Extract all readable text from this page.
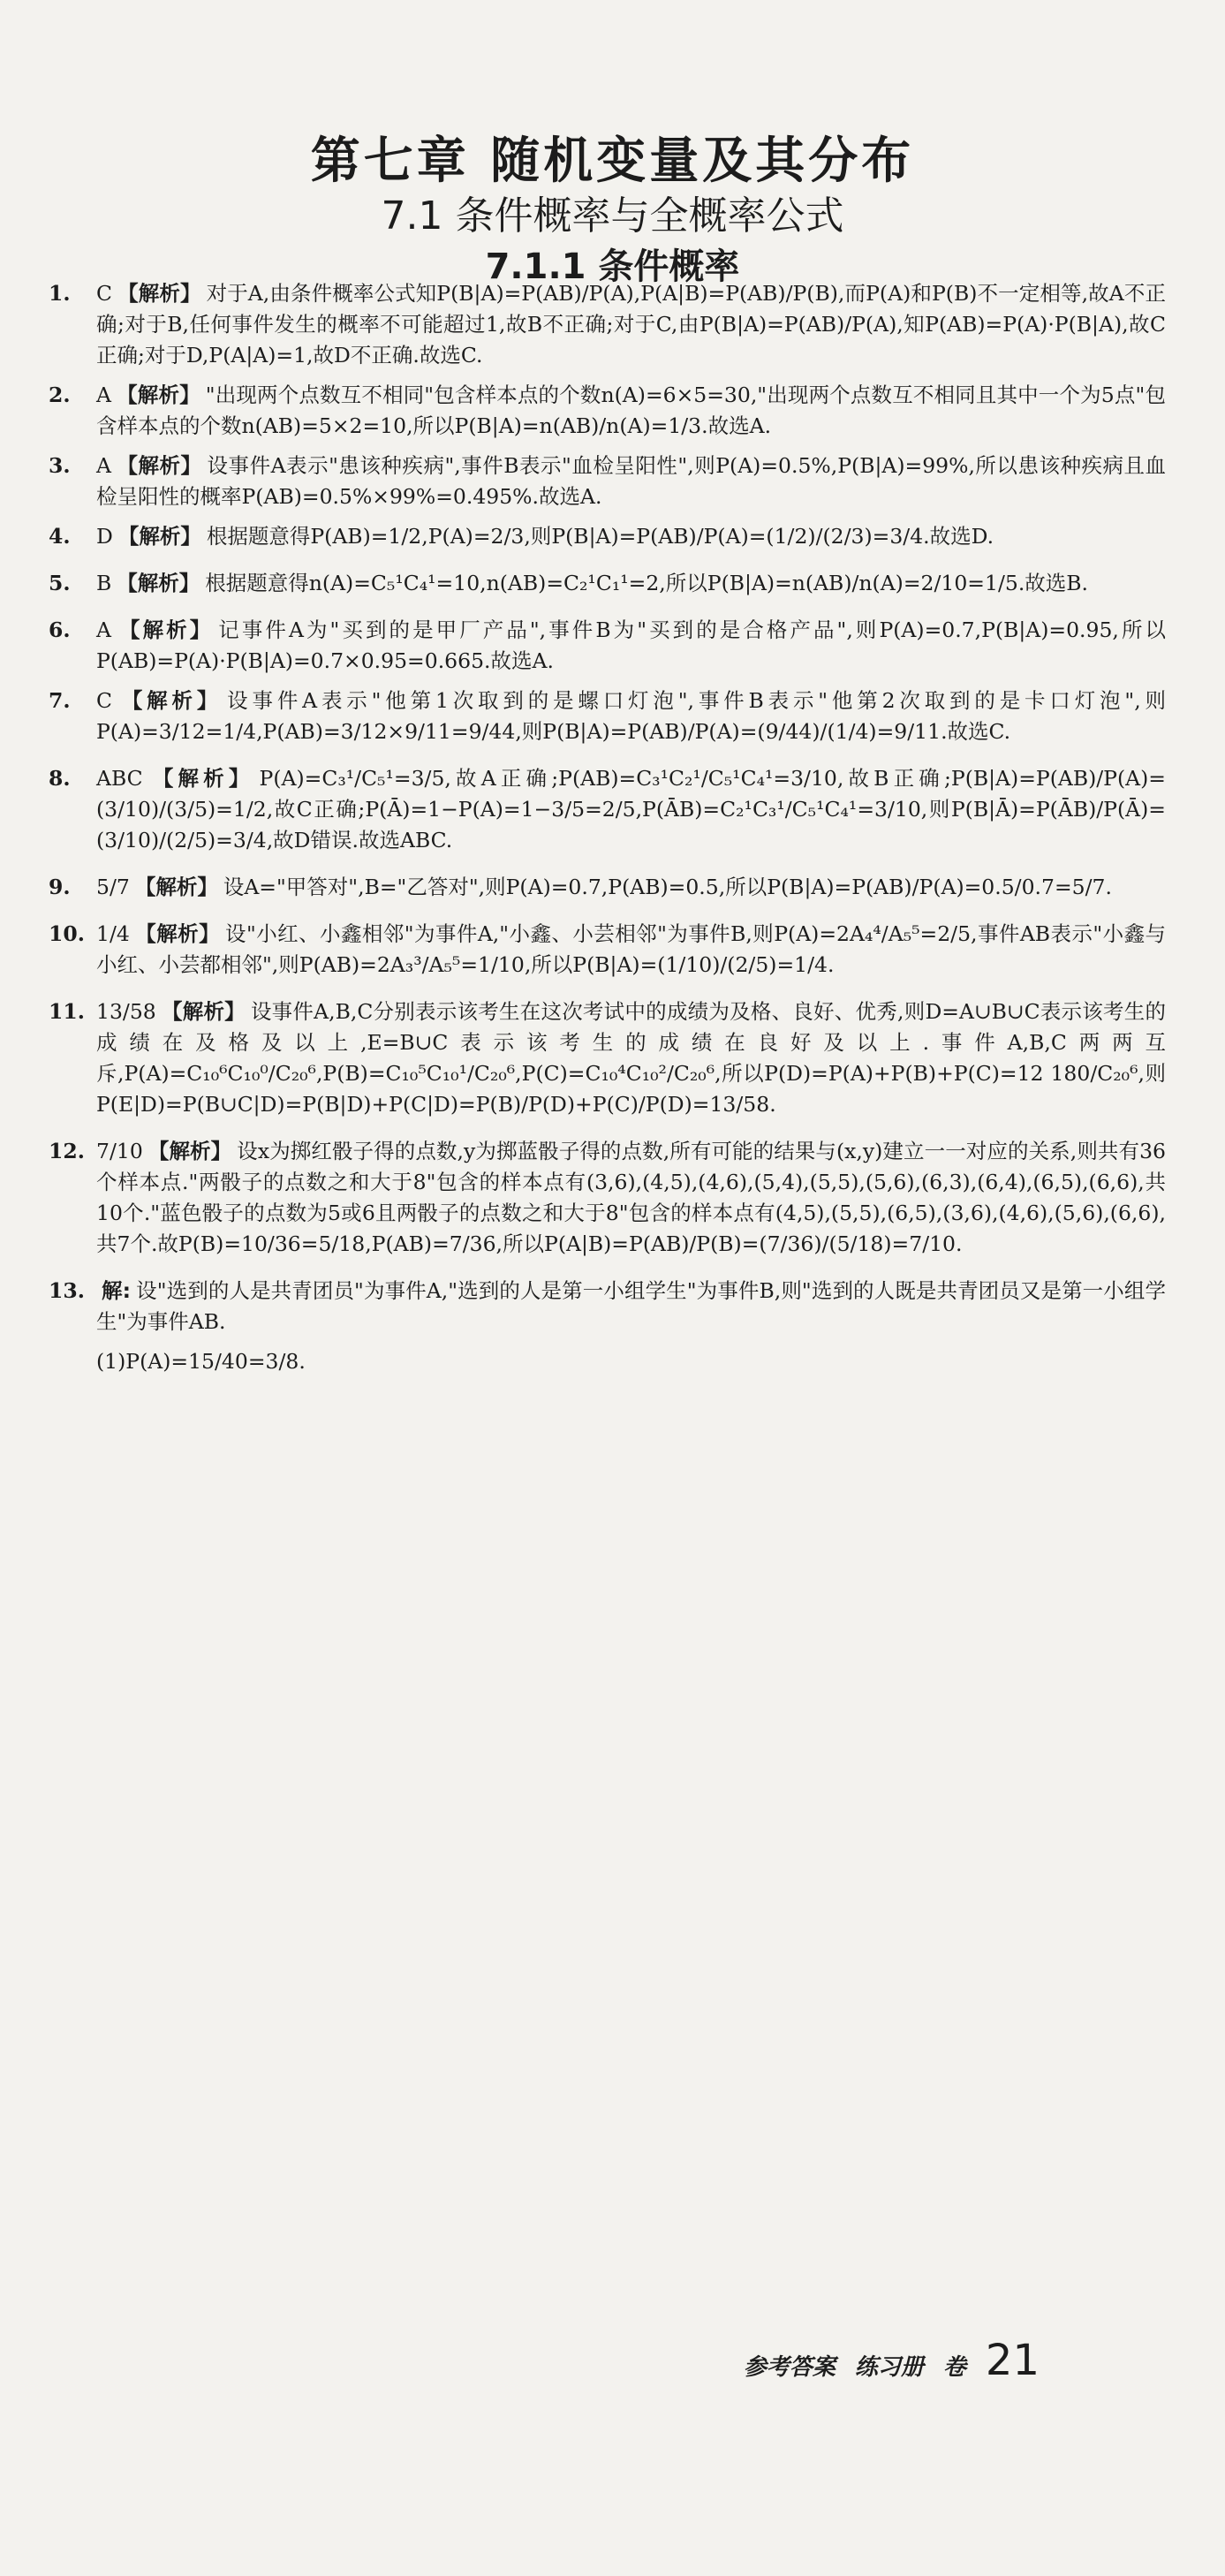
第七章 随机变量及其分布
7.1 条件概率与全概率公式
7.1.1 条件概率
1.	C 【解析】 对于A,由条件概率公式知P(B|A)=P(AB)/P(A),P(A|B)=P(AB)/P(B),而P(A)和P(B)不一定相等,故A不正确;对于B,任何事件发生的概率不可能超过1,故B不正确;对于C,由P(B|A)=P(AB)/P(A),知P(AB)=P(A)·P(B|A),故C正确;对于D,P(A|A)=1,故D不正确.故选C.
2.	A 【解析】 "出现两个点数互不相同"包含样本点的个数n(A)=6×5=30,"出现两个点数互不相同且其中一个为5点"包含样本点的个数n(AB)=5×2=10,所以P(B|A)=n(AB)/n(A)=1/3.故选A.
3.	A 【解析】 设事件A表示"患该种疾病",事件B表示"血检呈阳性",则P(A)=0.5%,P(B|A)=99%,所以患该种疾病且血检呈阳性的概率P(AB)=0.5%×99%=0.495%.故选A.
4.	D 【解析】 根据题意得P(AB)=1/2,P(A)=2/3,则P(B|A)=P(AB)/P(A)=(1/2)/(2/3)=3/4.故选D.
5.	B 【解析】 根据题意得n(A)=C₅¹C₄¹=10,n(AB)=C₂¹C₁¹=2,所以P(B|A)=n(AB)/n(A)=2/10=1/5.故选B.
6.	A 【解析】 记事件A为"买到的是甲厂产品",事件B为"买到的是合格产品",则P(A)=0.7,P(B|A)=0.95,所以P(AB)=P(A)·P(B|A)=0.7×0.95=0.665.故选A.
7.	C 【解析】 设事件A表示"他第1次取到的是螺口灯泡",事件B表示"他第2次取到的是卡口灯泡",则P(A)=3/12=1/4,P(AB)=3/12×9/11=9/44,则P(B|A)=P(AB)/P(A)=(9/44)/(1/4)=9/11.故选C.
8.	ABC 【解析】 P(A)=C₃¹/C₅¹=3/5,故A正确;P(AB)=C₃¹C₂¹/C₅¹C₄¹=3/10,故B正确;P(B|A)=P(AB)/P(A)=(3/10)/(3/5)=1/2,故C正确;P(Ā)=1−P(A)=1−3/5=2/5,P(ĀB)=C₂¹C₃¹/C₅¹C₄¹=3/10,则P(B|Ā)=P(ĀB)/P(Ā)=(3/10)/(2/5)=3/4,故D错误.故选ABC.
9.	5/7 【解析】 设A="甲答对",B="乙答对",则P(A)=0.7,P(AB)=0.5,所以P(B|A)=P(AB)/P(A)=0.5/0.7=5/7.
10. 1/4 【解析】 设"小红、小鑫相邻"为事件A,"小鑫、小芸相邻"为事件B,则P(A)=2A₄⁴/A₅⁵=2/5,事件AB表示"小鑫与小红、小芸都相邻",则P(AB)=2A₃³/A₅⁵=1/10,所以P(B|A)=(1/10)/(2/5)=1/4.
11. 13/58 【解析】 设事件A,B,C分别表示该考生在这次考试中的成绩为及格、良好、优秀,则D=A∪B∪C表示该考生的成绩在及格及以上,E=B∪C表示该考生的成绩在良好及以上.事件A,B,C两两互斥,P(A)=C₁₀⁶C₁₀⁰/C₂₀⁶,P(B)=C₁₀⁵C₁₀¹/C₂₀⁶,P(C)=C₁₀⁴C₁₀²/C₂₀⁶,所以P(D)=P(A)+P(B)+P(C)=12 180/C₂₀⁶,则P(E|D)=P(B∪C|D)=P(B|D)+P(C|D)=P(B)/P(D)+P(C)/P(D)=13/58.
12. 7/10 【解析】 设x为掷红骰子得的点数,y为掷蓝骰子得的点数,所有可能的结果与(x,y)建立一一对应的关系,则共有36个样本点."两骰子的点数之和大于8"包含的样本点有(3,6),(4,5),(4,6),(5,4),(5,5),(5,6),(6,3),(6,4),(6,5),(6,6),共10个."蓝色骰子的点数为5或6且两骰子的点数之和大于8"包含的样本点有(4,5),(5,5),(6,5),(3,6),(4,6),(5,6),(6,6),共7个.故P(B)=10/36=5/18,P(AB)=7/36,所以P(A|B)=P(AB)/P(B)=(7/36)/(5/18)=7/10.
13. 解: 设"选到的人是共青团员"为事件A,"选到的人是第一小组学生"为事件B,则"选到的人既是共青团员又是第一小组学生"为事件AB.
(1)P(A)=15/40=3/8.
参考答案 练习册 卷 21
